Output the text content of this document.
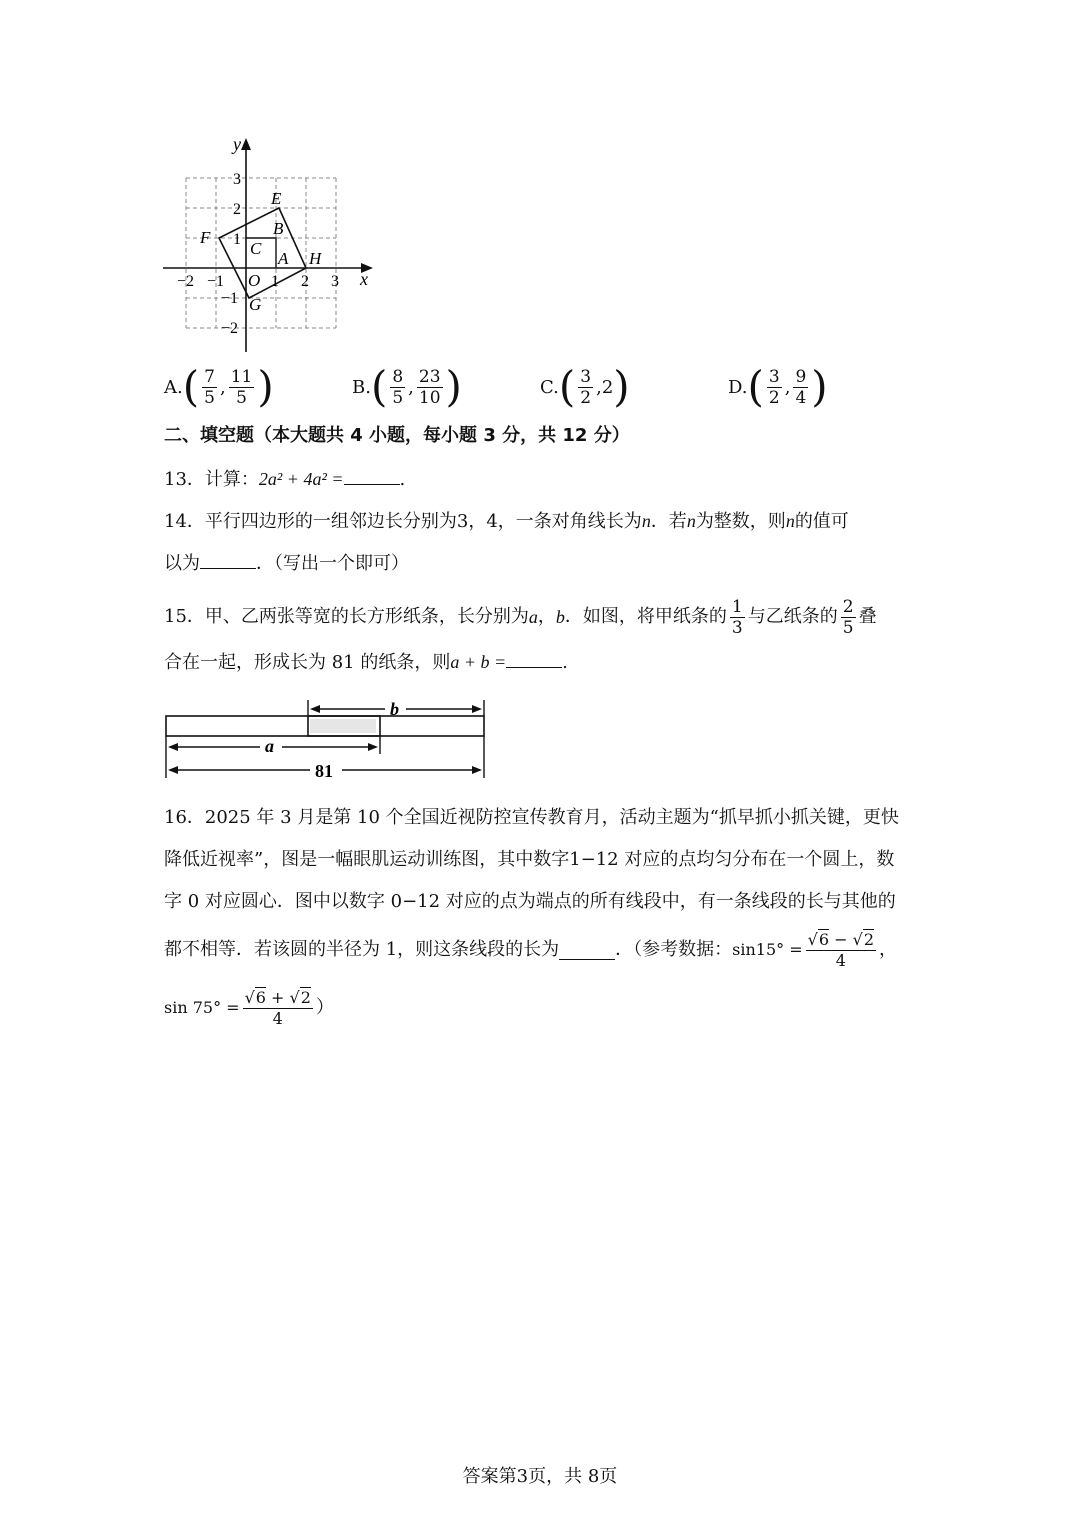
y
x
E
B
F
C
A H
G
O
−2 −1	1 2 3
3
2
1
−1
−2
A. ( $\frac{7}{5}$ , $\frac{11}{5}$ )	B. ( $\frac{8}{5}$ , $\frac{23}{10}$ )	C. ( $\frac{3}{2}$ , 2 )	D. ( $\frac{3}{2}$ , $\frac{9}{4}$ )
二、填空题（本大题共 4 小题，每小题 3 分，共 12 分）
13．计算：2a² + 4a² =	.
14．平行四边形的一组邻边长分别为3，4，一条对角线长为n．若n为整数，则n的值可
以为	．（写出一个即可）
15．甲、乙两张等宽的长方形纸条，长分别为 a ， b ．如图，将甲纸条的 $\frac{1}{3}$ 与乙纸条的 $\frac{2}{5}$ 叠
合在一起，形成长为 81 的纸条，则a + b =	.
b
a
81
16．2025 年 3 月是第 10 个全国近视防控宣传教育月，活动主题为“抓早抓小抓关键，更快
降低近视率”，图是一幅眼肌运动训练图，其中数字1−12 对应的点均匀分布在一个圆上，数
字 0 对应圆心．图中以数字 0−12 对应的点为端点的所有线段中，有一条线段的长与其他的
都不相等．若该圆的半径为 1，则这条线段的长为	．（参考数据： $\sin 15^\circ = \frac{√6 - √2}{4}$ ，
$\sin 75^\circ = \frac{√6 + √2}{4}$ ）
答案第3页，共 8页
